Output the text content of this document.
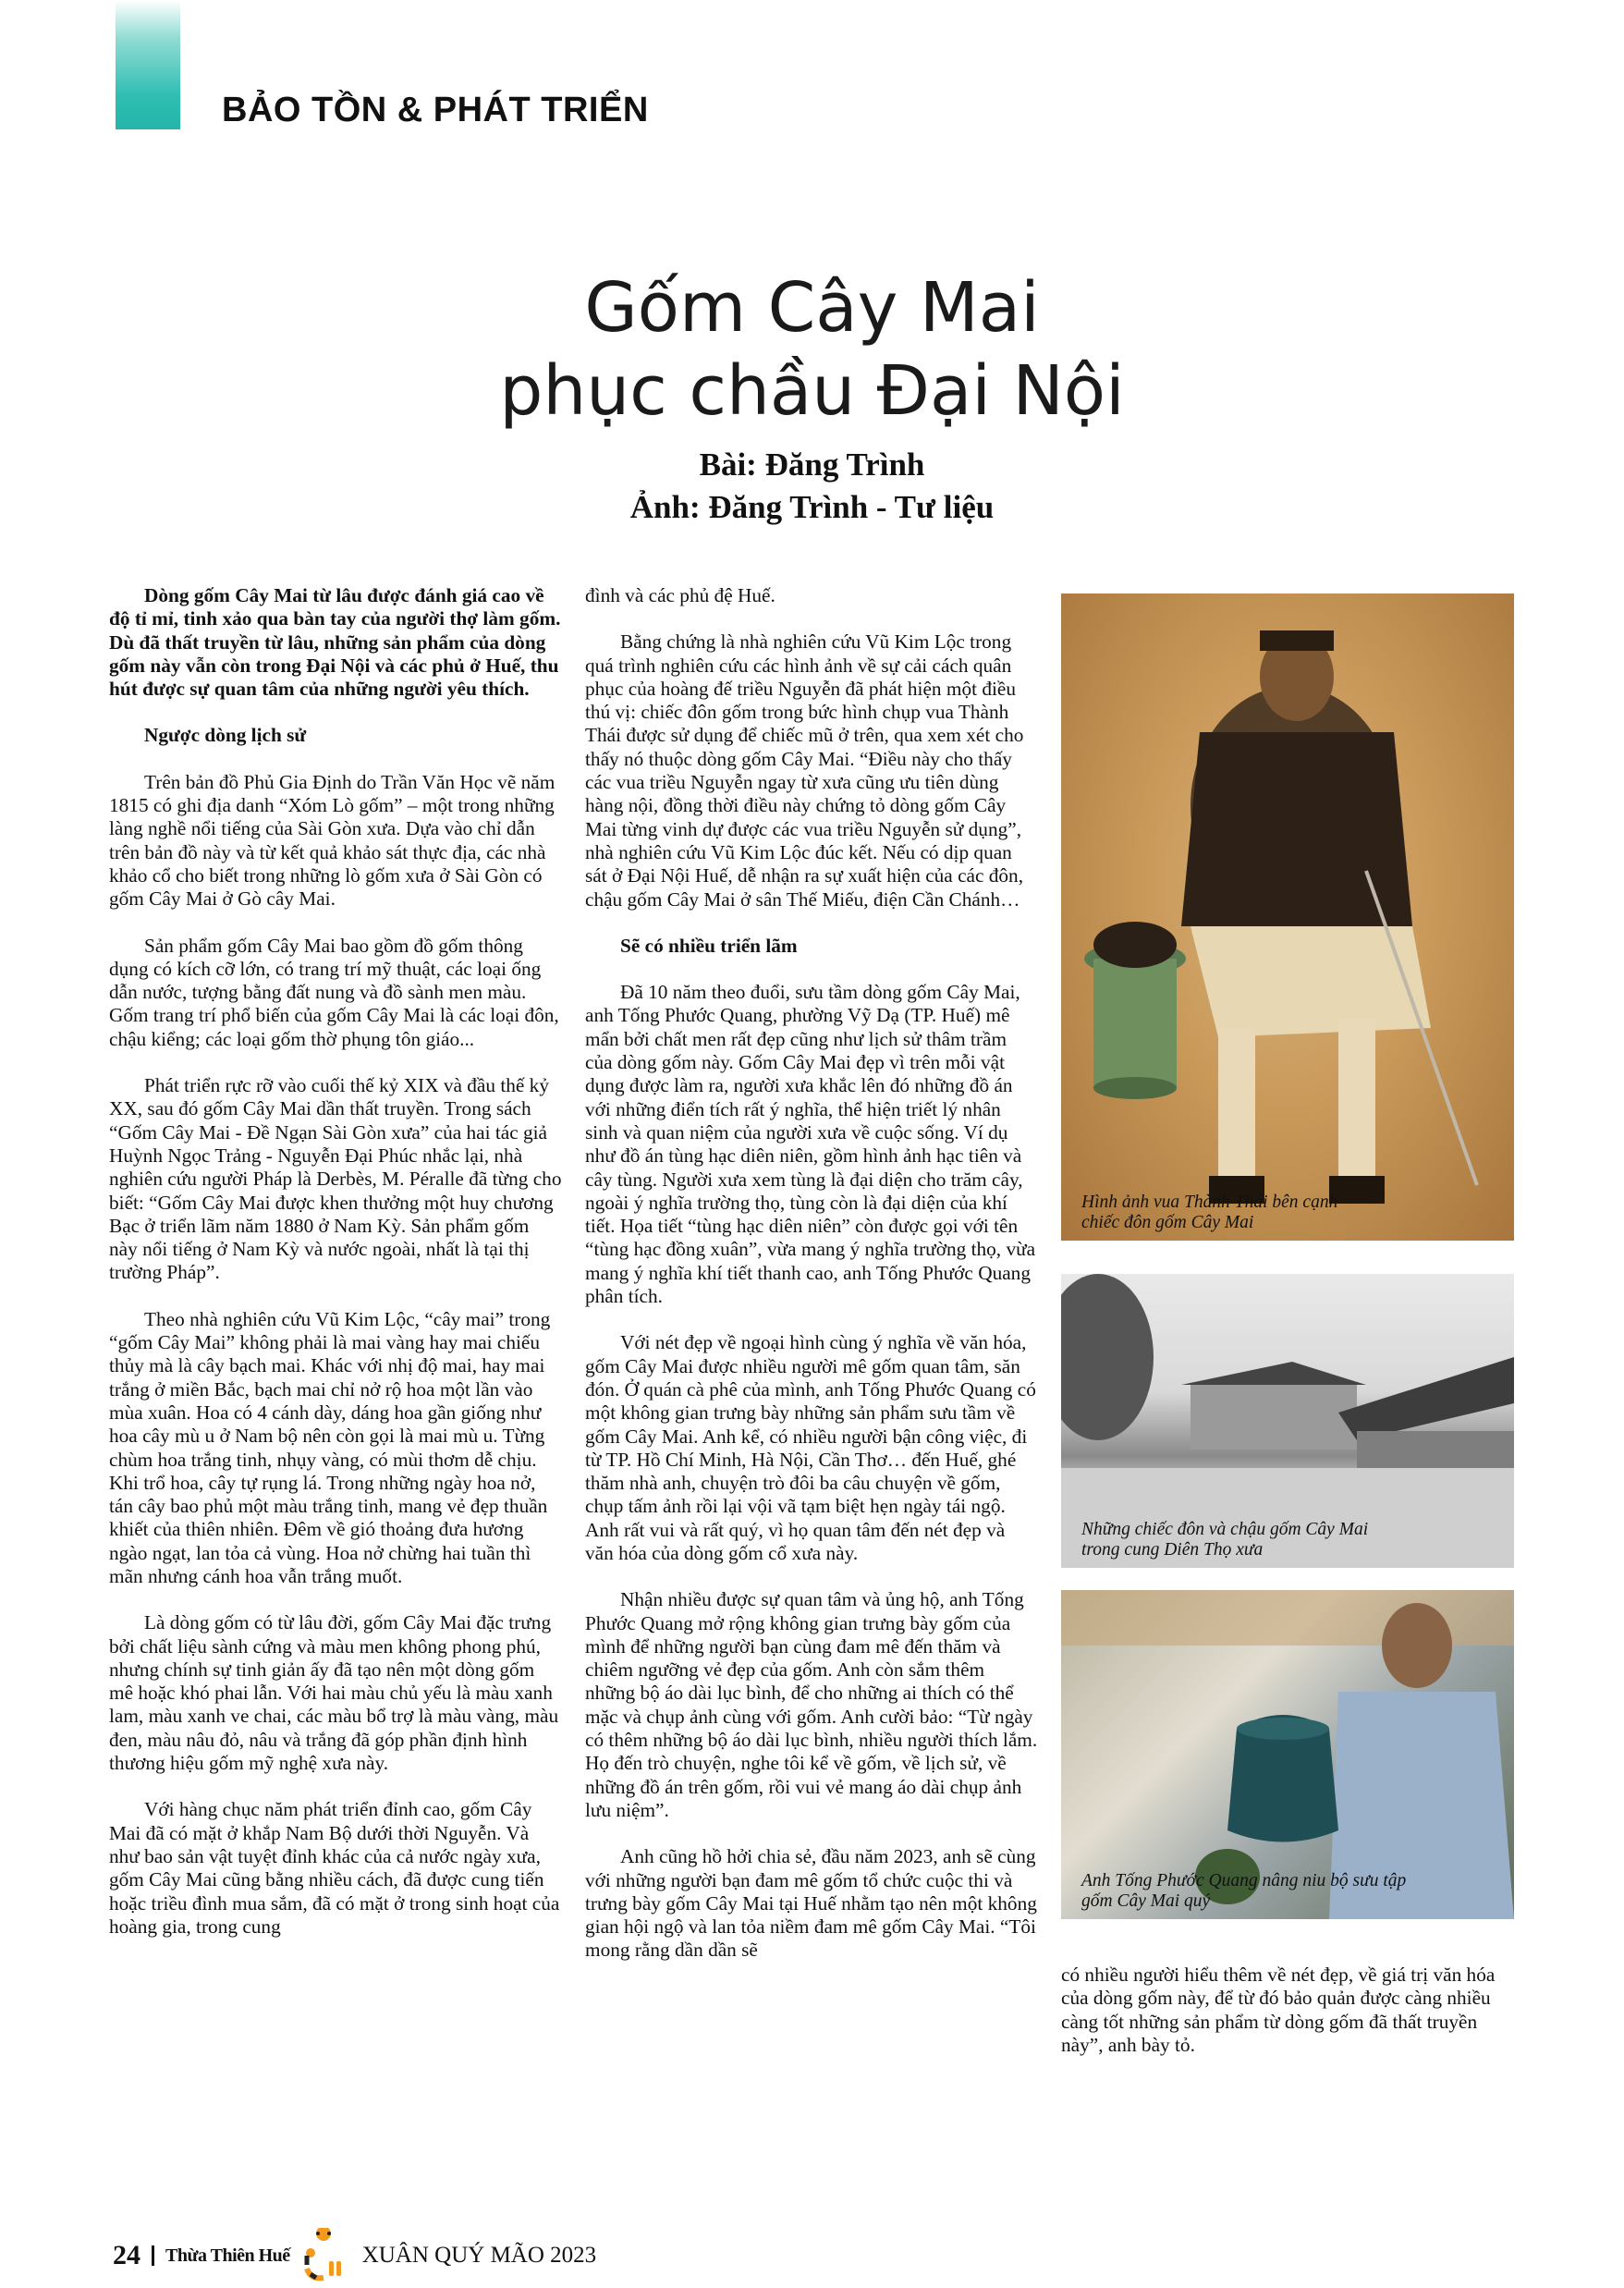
BẢO TỒN & PHÁT TRIỂN
Gốm Cây Mai
phục chầu Đại Nội
Bài: Đăng Trình
Ảnh: Đăng Trình - Tư liệu

Dòng gốm Cây Mai từ lâu được đánh giá cao về độ tỉ mỉ, tinh xảo qua bàn tay của người thợ làm gốm. Dù đã thất truyền từ lâu, những sản phẩm của dòng gốm này vẫn còn trong Đại Nội và các phủ ở Huế, thu hút được sự quan tâm của những người yêu thích.

Ngược dòng lịch sử

Trên bản đồ Phủ Gia Định do Trần Văn Học vẽ năm 1815 có ghi địa danh “Xóm Lò gốm” – một trong những làng nghề nổi tiếng của Sài Gòn xưa. Dựa vào chỉ dẫn trên bản đồ này và từ kết quả khảo sát thực địa, các nhà khảo cổ cho biết trong những lò gốm xưa ở Sài Gòn có gốm Cây Mai ở Gò cây Mai.

Sản phẩm gốm Cây Mai bao gồm đồ gốm thông dụng có kích cỡ lớn, có trang trí mỹ thuật, các loại ống dẫn nước, tượng bằng đất nung và đồ sành men màu. Gốm trang trí phổ biến của gốm Cây Mai là các loại đôn, chậu kiểng; các loại gốm thờ phụng tôn giáo...

Phát triển rực rỡ vào cuối thế kỷ XIX và đầu thế kỷ XX, sau đó gốm Cây Mai dần thất truyền. Trong sách “Gốm Cây Mai - Đề Ngạn Sài Gòn xưa” của hai tác giả Huỳnh Ngọc Trảng - Nguyễn Đại Phúc nhắc lại, nhà nghiên cứu người Pháp là Derbès, M. Péralle đã từng cho biết: “Gốm Cây Mai được khen thưởng một huy chương Bạc ở triển lãm năm 1880 ở Nam Kỳ. Sản phẩm gốm này nổi tiếng ở Nam Kỳ và nước ngoài, nhất là tại thị trường Pháp”.

Theo nhà nghiên cứu Vũ Kim Lộc, “cây mai” trong “gốm Cây Mai” không phải là mai vàng hay mai chiếu thủy mà là cây bạch mai. Khác với nhị độ mai, hay mai trắng ở miền Bắc, bạch mai chỉ nở rộ hoa một lần vào mùa xuân. Hoa có 4 cánh dày, dáng hoa gần giống như hoa cây mù u ở Nam bộ nên còn gọi là mai mù u. Từng chùm hoa trắng tinh, nhụy vàng, có mùi thơm dễ chịu. Khi trổ hoa, cây tự rụng lá. Trong những ngày hoa nở, tán cây bao phủ một màu trắng tinh, mang vẻ đẹp thuần khiết của thiên nhiên. Đêm về gió thoảng đưa hương ngào ngạt, lan tỏa cả vùng. Hoa nở chừng hai tuần thì mãn nhưng cánh hoa vẫn trắng muốt.

Là dòng gốm có từ lâu đời, gốm Cây Mai đặc trưng bởi chất liệu sành cứng và màu men không phong phú, nhưng chính sự tinh giản ấy đã tạo nên một dòng gốm mê hoặc khó phai lẫn. Với hai màu chủ yếu là màu xanh lam, màu xanh ve chai, các màu bổ trợ là màu vàng, màu đen, màu nâu đỏ, nâu và trắng đã góp phần định hình thương hiệu gốm mỹ nghệ xưa này.

Với hàng chục năm phát triển đỉnh cao, gốm Cây Mai đã có mặt ở khắp Nam Bộ dưới thời Nguyễn. Và như bao sản vật tuyệt đỉnh khác của cả nước ngày xưa, gốm Cây Mai cũng bằng nhiều cách, đã được cung tiến hoặc triều đình mua sắm, đã có mặt ở trong sinh hoạt của hoàng gia, trong cung

đình và các phủ đệ Huế.

Bằng chứng là nhà nghiên cứu Vũ Kim Lộc trong quá trình nghiên cứu các hình ảnh về sự cải cách quân phục của hoàng đế triều Nguyễn đã phát hiện một điều thú vị: chiếc đôn gốm trong bức hình chụp vua Thành Thái được sử dụng để chiếc mũ ở trên, qua xem xét cho thấy nó thuộc dòng gốm Cây Mai. “Điều này cho thấy các vua triều Nguyễn ngay từ xưa cũng ưu tiên dùng hàng nội, đồng thời điều này chứng tỏ dòng gốm Cây Mai từng vinh dự được các vua triều Nguyễn sử dụng”, nhà nghiên cứu Vũ Kim Lộc đúc kết. Nếu có dịp quan sát ở Đại Nội Huế, dễ nhận ra sự xuất hiện của các đôn, chậu gốm Cây Mai ở sân Thế Miếu, điện Cần Chánh…

Sẽ có nhiều triển lãm

Đã 10 năm theo đuổi, sưu tầm dòng gốm Cây Mai, anh Tống Phước Quang, phường Vỹ Dạ (TP. Huế) mê mẩn bởi chất men rất đẹp cũng như lịch sử thâm trầm của dòng gốm này. Gốm Cây Mai đẹp vì trên mỗi vật dụng được làm ra, người xưa khắc lên đó những đồ án với những điển tích rất ý nghĩa, thể hiện triết lý nhân sinh và quan niệm của người xưa về cuộc sống. Ví dụ như đồ án tùng hạc diên niên, gồm hình ảnh hạc tiên và cây tùng. Người xưa xem tùng là đại diện cho trăm cây, ngoài ý nghĩa trường thọ, tùng còn là đại diện của khí tiết. Họa tiết “tùng hạc diên niên” còn được gọi với tên “tùng hạc đồng xuân”, vừa mang ý nghĩa trường thọ, vừa mang ý nghĩa khí tiết thanh cao, anh Tống Phước Quang phân tích.

Với nét đẹp về ngoại hình cùng ý nghĩa về văn hóa, gốm Cây Mai được nhiều người mê gốm quan tâm, săn đón. Ở quán cà phê của mình, anh Tống Phước Quang có một không gian trưng bày những sản phẩm sưu tầm về gốm Cây Mai. Anh kể, có nhiều người bận công việc, đi từ TP. Hồ Chí Minh, Hà Nội, Cần Thơ… đến Huế, ghé thăm nhà anh, chuyện trò đôi ba câu chuyện về gốm, chụp tấm ảnh rồi lại vội vã tạm biệt hẹn ngày tái ngộ. Anh rất vui và rất quý, vì họ quan tâm đến nét đẹp và văn hóa của dòng gốm cổ xưa này.

Nhận nhiều được sự quan tâm và ủng hộ, anh Tống Phước Quang mở rộng không gian trưng bày gốm của mình để những người bạn cùng đam mê đến thăm và chiêm ngưỡng vẻ đẹp của gốm. Anh còn sắm thêm những bộ áo dài lục bình, để cho những ai thích có thể mặc và chụp ảnh cùng với gốm. Anh cười bảo: “Từ ngày có thêm những bộ áo dài lục bình, nhiều người thích lắm. Họ đến trò chuyện, nghe tôi kể về gốm, về lịch sử, về những đồ án trên gốm, rồi vui vẻ mang áo dài chụp ảnh lưu niệm”.

Anh cũng hồ hởi chia sẻ, đầu năm 2023, anh sẽ cùng với những người bạn đam mê gốm tổ chức cuộc thi và trưng bày gốm Cây Mai tại Huế nhằm tạo nên một không gian hội ngộ và lan tỏa niềm đam mê gốm Cây Mai. “Tôi mong rằng dần dần sẽ

Hình ảnh vua Thành Thái bên cạnh
chiếc đôn gốm Cây Mai
Những chiếc đôn và chậu gốm Cây Mai
trong cung Diên Thọ xưa
Anh Tống Phước Quang nâng niu bộ sưu tập
gốm Cây Mai quý

có nhiều người hiểu thêm về nét đẹp, về giá trị văn hóa của dòng gốm này, để từ đó bảo quản được càng nhiều càng tốt những sản phẩm từ dòng gốm đã thất truyền này”, anh bày tỏ.

24 Thừa Thiên Huế	XUÂN QUÝ MÃO 2023
